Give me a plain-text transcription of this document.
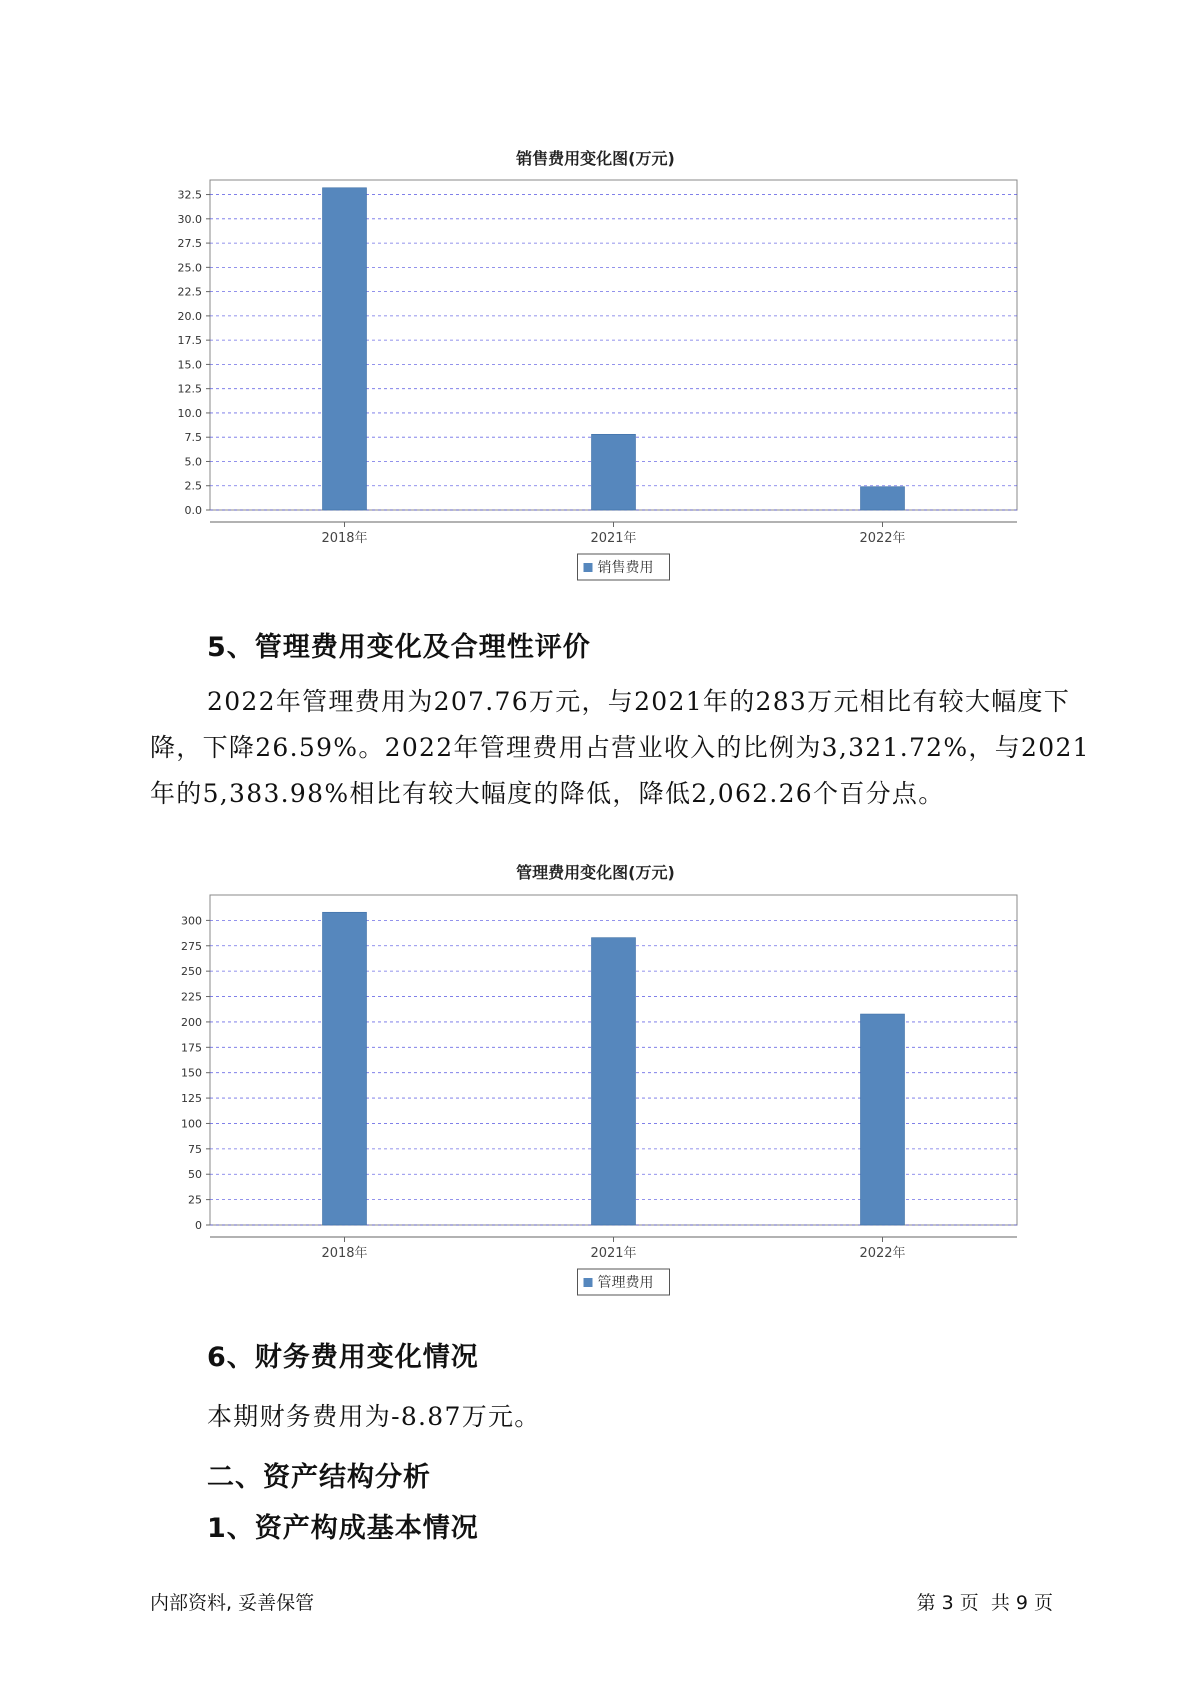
销售费用变化图(万元)
0.0
2.5
5.0
7.5
10.0
12.5
15.0
17.5
20.0
22.5
25.0
27.5
30.0
32.5
2018年	2021年	2022年
销售费用
5、管理费用变化及合理性评价

2022年管理费用为207.76万元，与2021年的283万元相比有较大幅度下

降，下降26.59%。2022年管理费用占营业收入的比例为3,321.72%，与2021

年的5,383.98%相比有较大幅度的降低，降低2,062.26个百分点。

管理费用变化图(万元)
0
25
50
75
100
125
150
175
200
225
250
275
300
2018年	2021年	2022年
管理费用
6、财务费用变化情况

本期财务费用为-8.87万元。

二、资产结构分析
1、资产构成基本情况
内部资料, 妥善保管	第 3 页  共 9 页
